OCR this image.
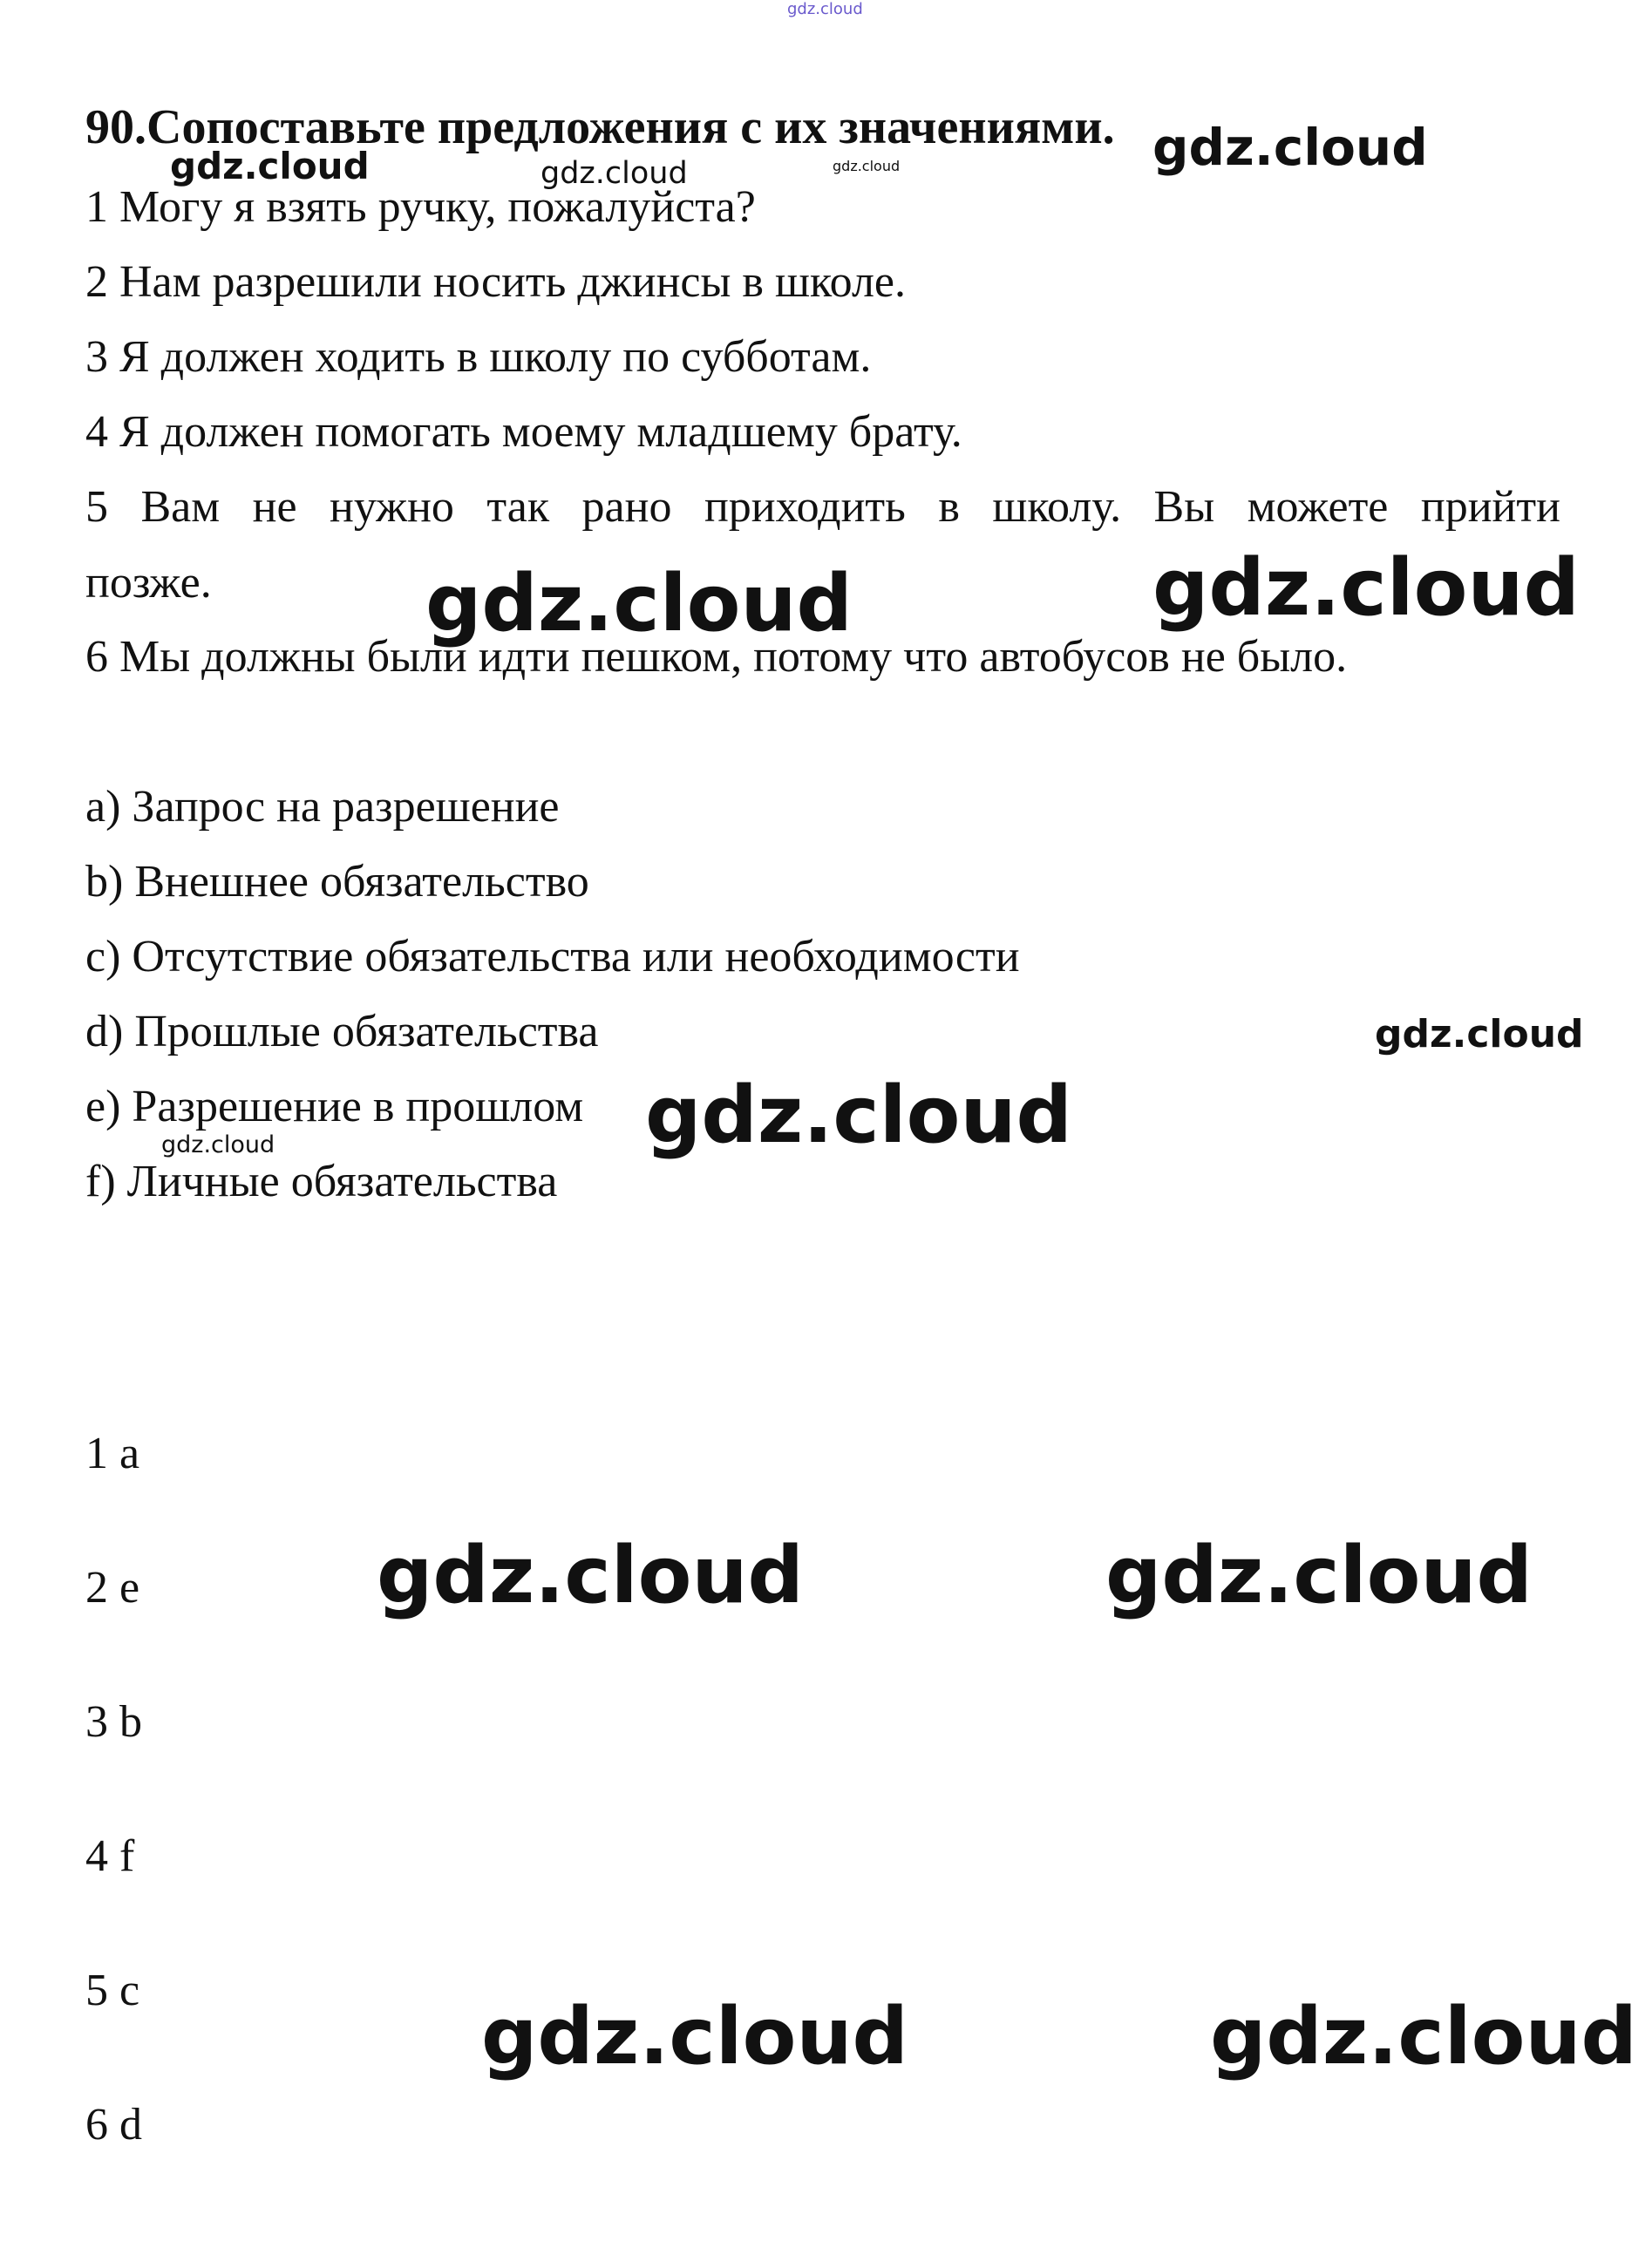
gdz.cloud
gdz.cloud
gdz.cloud	gdz.cloud	gdz.cloud
90.Сопоставьте предложения с их значениями.
1 Могу я взять ручку, пожалуйста?
2 Нам разрешили носить джинсы в школе.
3 Я должен ходить в школу по субботам.
4 Я должен помогать моему младшему брату.
5 Вам не нужно так рано приходить в школу. Вы можете прийти
позже.
6 Мы должны были идти пешком, потому что автобусов не было.
gdz.cloud	gdz.cloud
a) Запрос на разрешение
b) Внешнее обязательство
c) Отсутствие обязательства или необходимости
d) Прошлые обязательства
e) Разрешение в прошлом
f) Личные обязательства
gdz.cloud
gdz.cloud
gdz.cloud
1 a
2 e
3 b
4 f
5 c
6 d
gdz.cloud	gdz.cloud
gdz.cloud	gdz.cloud
